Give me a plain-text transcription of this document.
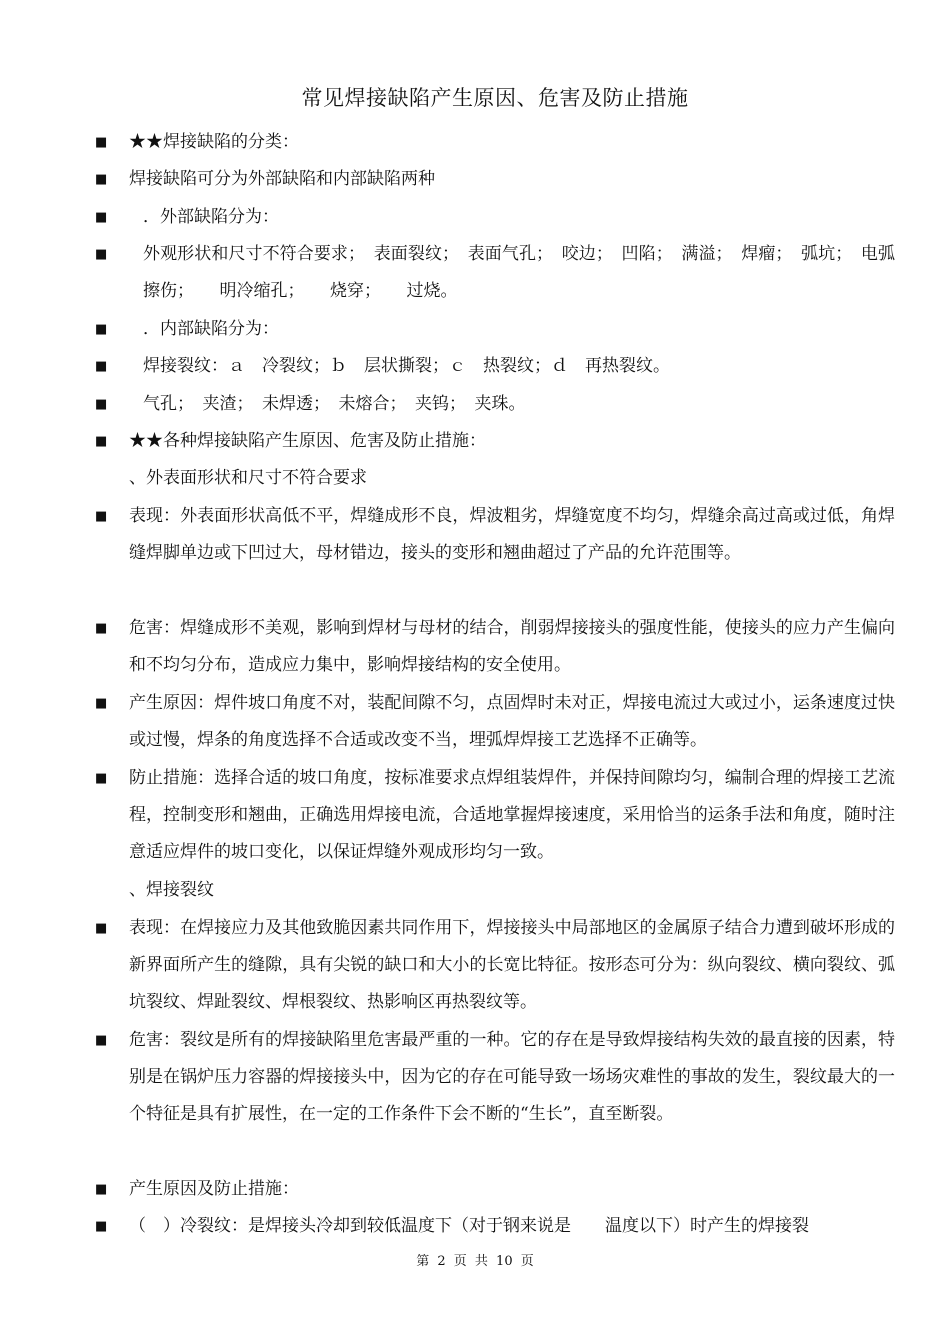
常见焊接缺陷产生原因、危害及防止措施
■	★★焊接缺陷的分类：
■	焊接缺陷可分为外部缺陷和内部缺陷两种
■	．外部缺陷分为：
■	外观形状和尺寸不符合要求；　表面裂纹；　表面气孔；　咬边；　凹陷；　满溢；　焊瘤；　弧坑；　电弧擦伤；　　明冷缩孔；　　烧穿；　　过烧。
■	．内部缺陷分为：
■	焊接裂纹：ａ　冷裂纹；ｂ　层状撕裂；ｃ　热裂纹；ｄ　再热裂纹。
■	气孔；　夹渣；　未焊透；　未熔合；　夹钨；　夹珠。
■	★★各种焊接缺陷产生原因、危害及防止措施：
、外表面形状和尺寸不符合要求
■	表现：外表面形状高低不平，焊缝成形不良，焊波粗劣，焊缝宽度不均匀，焊缝余高过高或过低，角焊缝焊脚单边或下凹过大，母材错边，接头的变形和翘曲超过了产品的允许范围等。
■	危害：焊缝成形不美观，影响到焊材与母材的结合，削弱焊接接头的强度性能，使接头的应力产生偏向和不均匀分布，造成应力集中，影响焊接结构的安全使用。
■	产生原因：焊件坡口角度不对，装配间隙不匀，点固焊时未对正，焊接电流过大或过小，运条速度过快或过慢，焊条的角度选择不合适或改变不当，埋弧焊焊接工艺选择不正确等。
■	防止措施：选择合适的坡口角度，按标准要求点焊组装焊件，并保持间隙均匀，编制合理的焊接工艺流程，控制变形和翘曲，正确选用焊接电流，合适地掌握焊接速度，采用恰当的运条手法和角度，随时注意适应焊件的坡口变化，以保证焊缝外观成形均匀一致。
、焊接裂纹
■	表现：在焊接应力及其他致脆因素共同作用下，焊接接头中局部地区的金属原子结合力遭到破坏形成的新界面所产生的缝隙，具有尖锐的缺口和大小的长宽比特征。按形态可分为：纵向裂纹、横向裂纹、弧坑裂纹、焊趾裂纹、焊根裂纹、热影响区再热裂纹等。
■	危害：裂纹是所有的焊接缺陷里危害最严重的一种。它的存在是导致焊接结构失效的最直接的因素，特别是在锅炉压力容器的焊接接头中，因为它的存在可能导致一场场灾难性的事故的发生，裂纹最大的一个特征是具有扩展性，在一定的工作条件下会不断的“生长”，直至断裂。
■	产生原因及防止措施：
■	（　）冷裂纹：是焊接头冷却到较低温度下（对于钢来说是　　温度以下）时产生的焊接裂
第 2 页 共 10 页
